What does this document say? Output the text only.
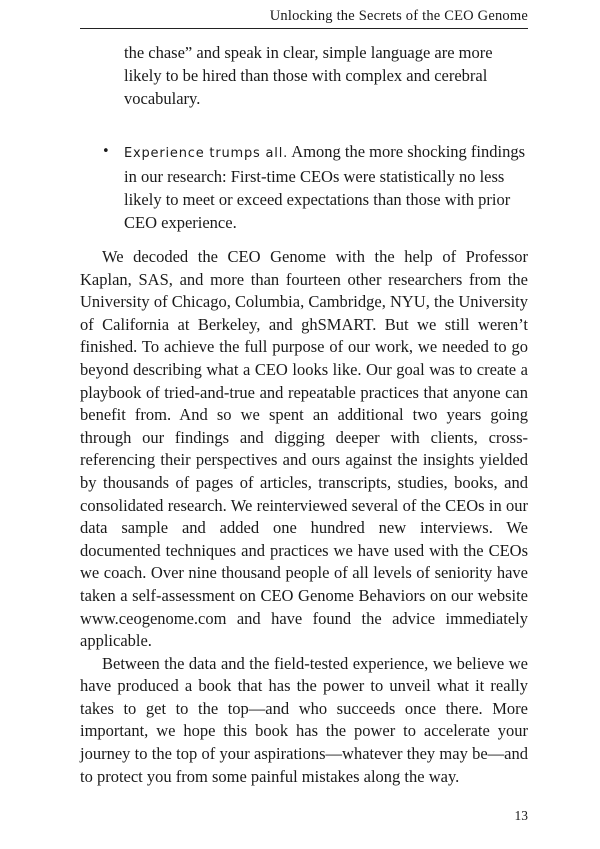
Unlocking the Secrets of the CEO Genome
the chase” and speak in clear, simple language are more likely to be hired than those with complex and cerebral vocabulary.
• Experience trumps all. Among the more shocking findings in our research: First-time CEOs were statistically no less likely to meet or exceed expectations than those with prior CEO experience.

We decoded the CEO Genome with the help of Professor Kaplan, SAS, and more than fourteen other researchers from the University of Chicago, Columbia, Cambridge, NYU, the University of California at Berkeley, and ghSMART. But we still weren’t finished. To achieve the full purpose of our work, we needed to go beyond describing what a CEO looks like. Our goal was to create a playbook of tried-and-true and repeatable practices that anyone can benefit from. And so we spent an additional two years going through our findings and digging deeper with clients, cross-referencing their perspectives and ours against the insights yielded by thousands of pages of articles, transcripts, studies, books, and consolidated research. We reinterviewed several of the CEOs in our data sample and added one hundred new interviews. We documented techniques and practices we have used with the CEOs we coach. Over nine thousand people of all levels of seniority have taken a self-assessment on CEO Genome Behaviors on our website www.ceogenome.com and have found the advice immediately applicable.

Between the data and the field-tested experience, we believe we have produced a book that has the power to unveil what it really takes to get to the top—and who succeeds once there. More important, we hope this book has the power to accelerate your journey to the top of your aspirations—whatever they may be—and to protect you from some painful mistakes along the way.

13
